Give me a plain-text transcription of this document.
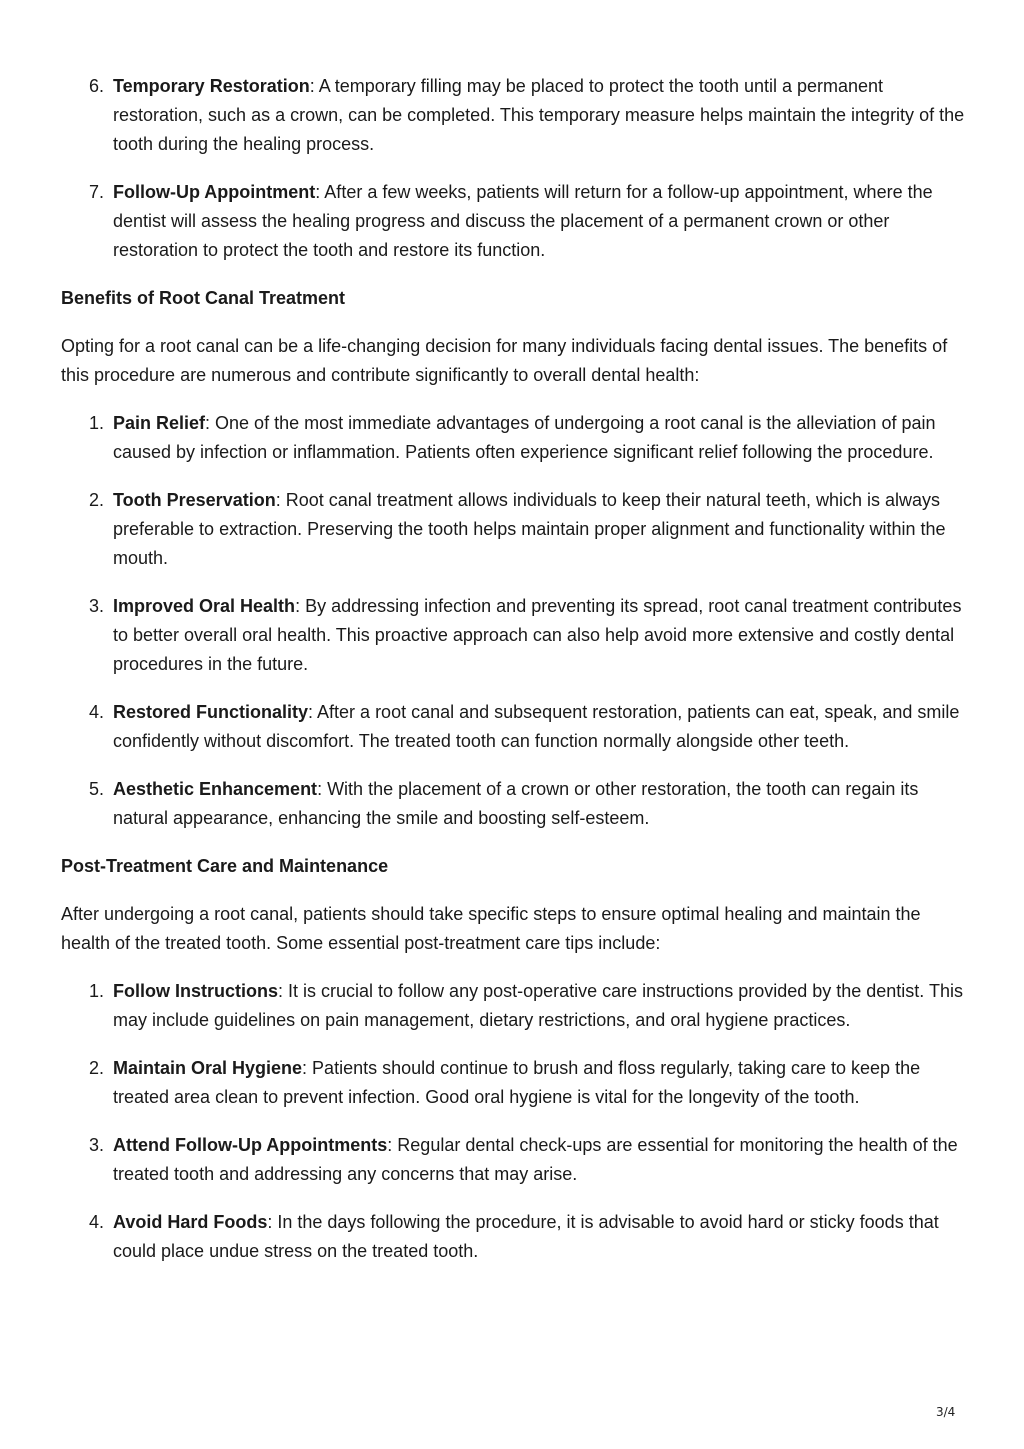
6. Temporary Restoration: A temporary filling may be placed to protect the tooth until a permanent restoration, such as a crown, can be completed. This temporary measure helps maintain the integrity of the tooth during the healing process.
7. Follow-Up Appointment: After a few weeks, patients will return for a follow-up appointment, where the dentist will assess the healing progress and discuss the placement of a permanent crown or other restoration to protect the tooth and restore its function.
Benefits of Root Canal Treatment
Opting for a root canal can be a life-changing decision for many individuals facing dental issues. The benefits of this procedure are numerous and contribute significantly to overall dental health:
1. Pain Relief: One of the most immediate advantages of undergoing a root canal is the alleviation of pain caused by infection or inflammation. Patients often experience significant relief following the procedure.
2. Tooth Preservation: Root canal treatment allows individuals to keep their natural teeth, which is always preferable to extraction. Preserving the tooth helps maintain proper alignment and functionality within the mouth.
3. Improved Oral Health: By addressing infection and preventing its spread, root canal treatment contributes to better overall oral health. This proactive approach can also help avoid more extensive and costly dental procedures in the future.
4. Restored Functionality: After a root canal and subsequent restoration, patients can eat, speak, and smile confidently without discomfort. The treated tooth can function normally alongside other teeth.
5. Aesthetic Enhancement: With the placement of a crown or other restoration, the tooth can regain its natural appearance, enhancing the smile and boosting self-esteem.
Post-Treatment Care and Maintenance
After undergoing a root canal, patients should take specific steps to ensure optimal healing and maintain the health of the treated tooth. Some essential post-treatment care tips include:
1. Follow Instructions: It is crucial to follow any post-operative care instructions provided by the dentist. This may include guidelines on pain management, dietary restrictions, and oral hygiene practices.
2. Maintain Oral Hygiene: Patients should continue to brush and floss regularly, taking care to keep the treated area clean to prevent infection. Good oral hygiene is vital for the longevity of the tooth.
3. Attend Follow-Up Appointments: Regular dental check-ups are essential for monitoring the health of the treated tooth and addressing any concerns that may arise.
4. Avoid Hard Foods: In the days following the procedure, it is advisable to avoid hard or sticky foods that could place undue stress on the treated tooth.
3/4
